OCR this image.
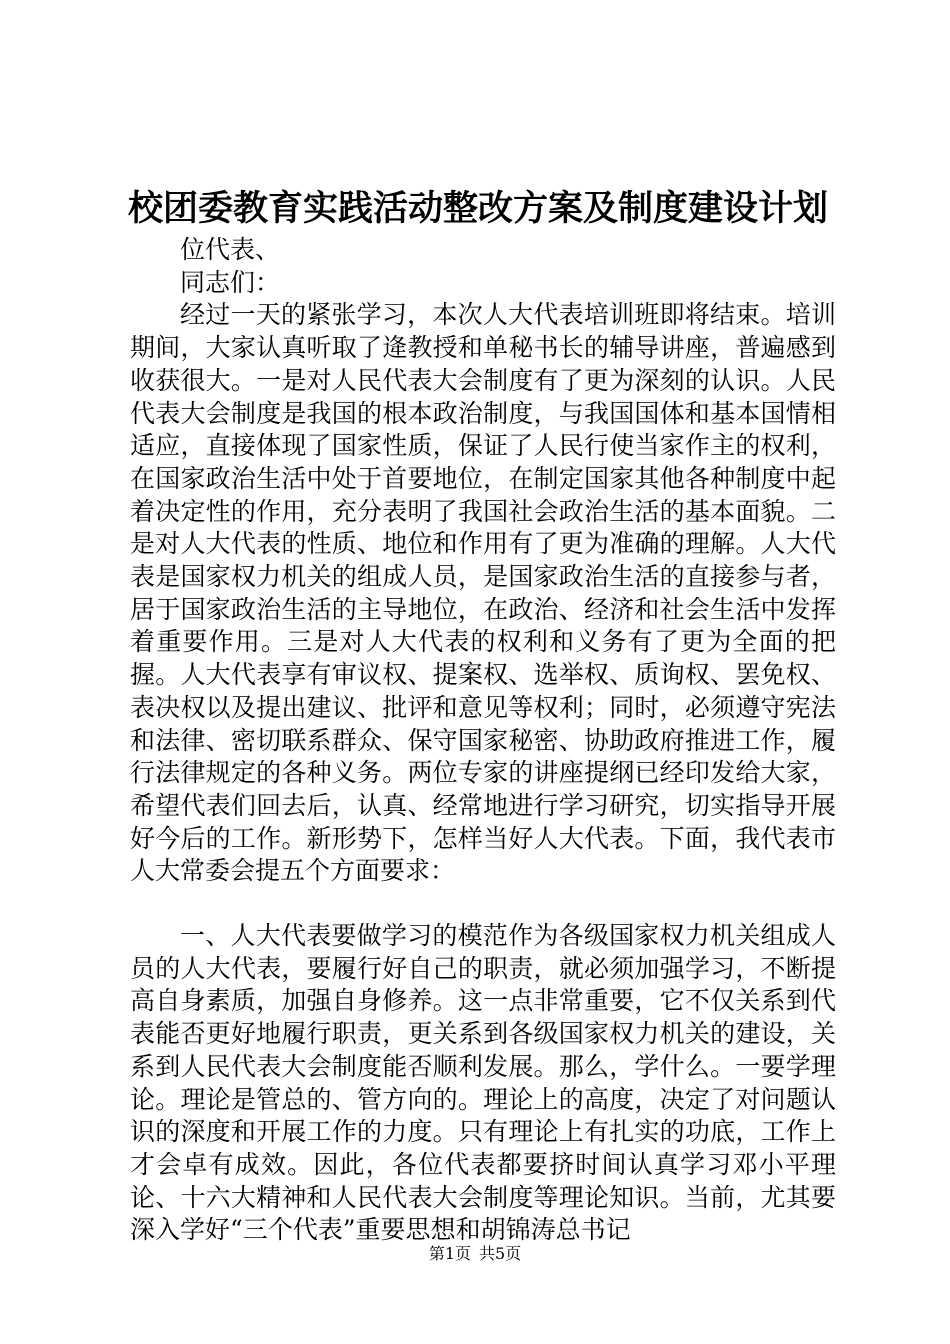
校团委教育实践活动整改方案及制度建设计划

位代表、

同志们：

经过一天的紧张学习，本次人大代表培训班即将结束。培训期间，大家认真听取了逄教授和单秘书长的辅导讲座，普遍感到收获很大。一是对人民代表大会制度有了更为深刻的认识。人民代表大会制度是我国的根本政治制度，与我国国体和基本国情相适应，直接体现了国家性质，保证了人民行使当家作主的权利，在国家政治生活中处于首要地位，在制定国家其他各种制度中起着决定性的作用，充分表明了我国社会政治生活的基本面貌。二是对人大代表的性质、地位和作用有了更为准确的理解。人大代表是国家权力机关的组成人员，是国家政治生活的直接参与者，居于国家政治生活的主导地位，在政治、经济和社会生活中发挥着重要作用。三是对人大代表的权利和义务有了更为全面的把握。人大代表享有审议权、提案权、选举权、质询权、罢免权、表决权以及提出建议、批评和意见等权利；同时，必须遵守宪法和法律、密切联系群众、保守国家秘密、协助政府推进工作，履行法律规定的各种义务。两位专家的讲座提纲已经印发给大家，希望代表们回去后，认真、经常地进行学习研究，切实指导开展好今后的工作。新形势下，怎样当好人大代表。下面，我代表市人大常委会提五个方面要求：

一、人大代表要做学习的模范作为各级国家权力机关组成人员的人大代表，要履行好自己的职责，就必须加强学习，不断提高自身素质，加强自身修养。这一点非常重要，它不仅关系到代表能否更好地履行职责，更关系到各级国家权力机关的建设，关系到人民代表大会制度能否顺利发展。那么，学什么。一要学理论。理论是管总的、管方向的。理论上的高度，决定了对问题认识的深度和开展工作的力度。只有理论上有扎实的功底，工作上才会卓有成效。因此，各位代表都要挤时间认真学习邓小平理论、十六大精神和人民代表大会制度等理论知识。当前，尤其要深入学好“三个代表”重要思想和胡锦涛总书记

第1页 共5页
